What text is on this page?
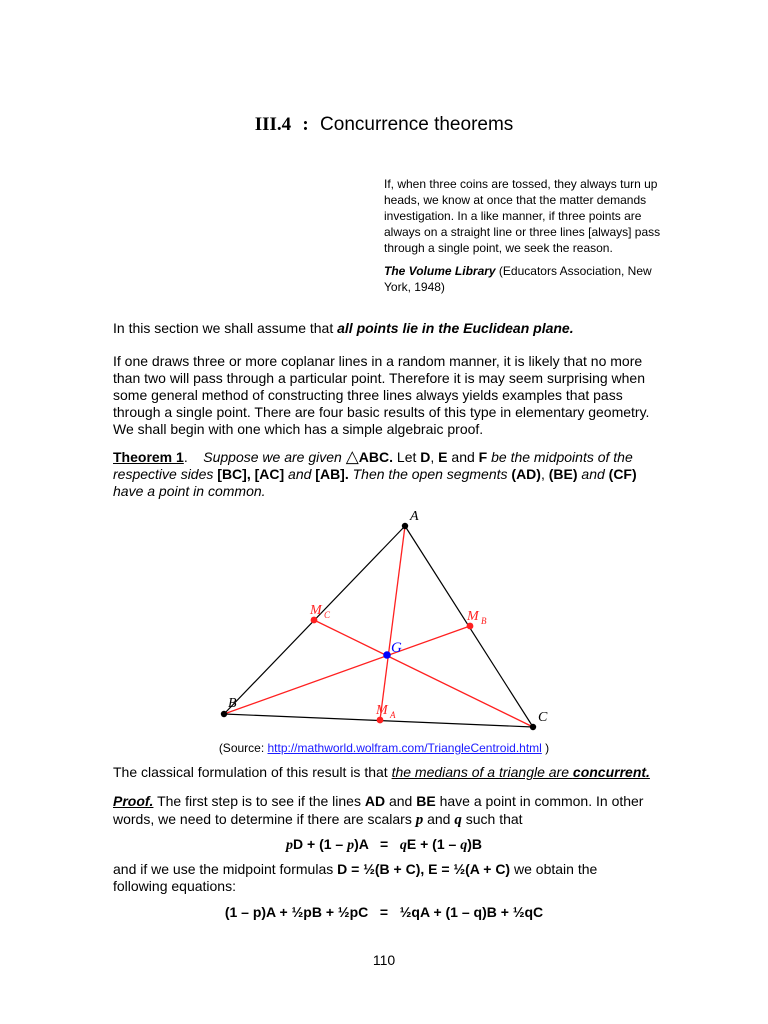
III.4 : Concurrence theorems

If, when three coins are tossed, they always turn up heads, we know at once that the matter demands investigation. In a like manner, if three points are always on a straight line or three lines [always] pass through a single point, we seek the reason.

The Volume Library (Educators Association, New York, 1948)

In this section we shall assume that all points lie in the Euclidean plane.

If one draws three or more coplanar lines in a random manner, it is likely that no more than two will pass through a particular point. Therefore it is may seem surprising when some general method of constructing three lines always yields examples that pass through a single point. There are four basic results of this type in elementary geometry. We shall begin with one which has a simple algebraic proof.

Theorem 1. Suppose we are given △ABC. Let D, E and F be the midpoints of the respective sides [BC], [AC] and [AB]. Then the open segments (AD), (BE) and (CF) have a point in common.

A
B
C
G
M C	M B
M A
(Source: http://mathworld.wolfram.com/TriangleCentroid.html )

The classical formulation of this result is that the medians of a triangle are concurrent.

Proof. The first step is to see if the lines AD and BE have a point in common. In other words, we need to determine if there are scalars p and q such that

pD + (1 – p)A   =   qE + (1 – q)B

and if we use the midpoint formulas D = ½(B + C), E = ½(A + C) we obtain the following equations:

(1 – p)A + ½pB + ½pC   =   ½qA + (1 – q)B + ½qC
110
